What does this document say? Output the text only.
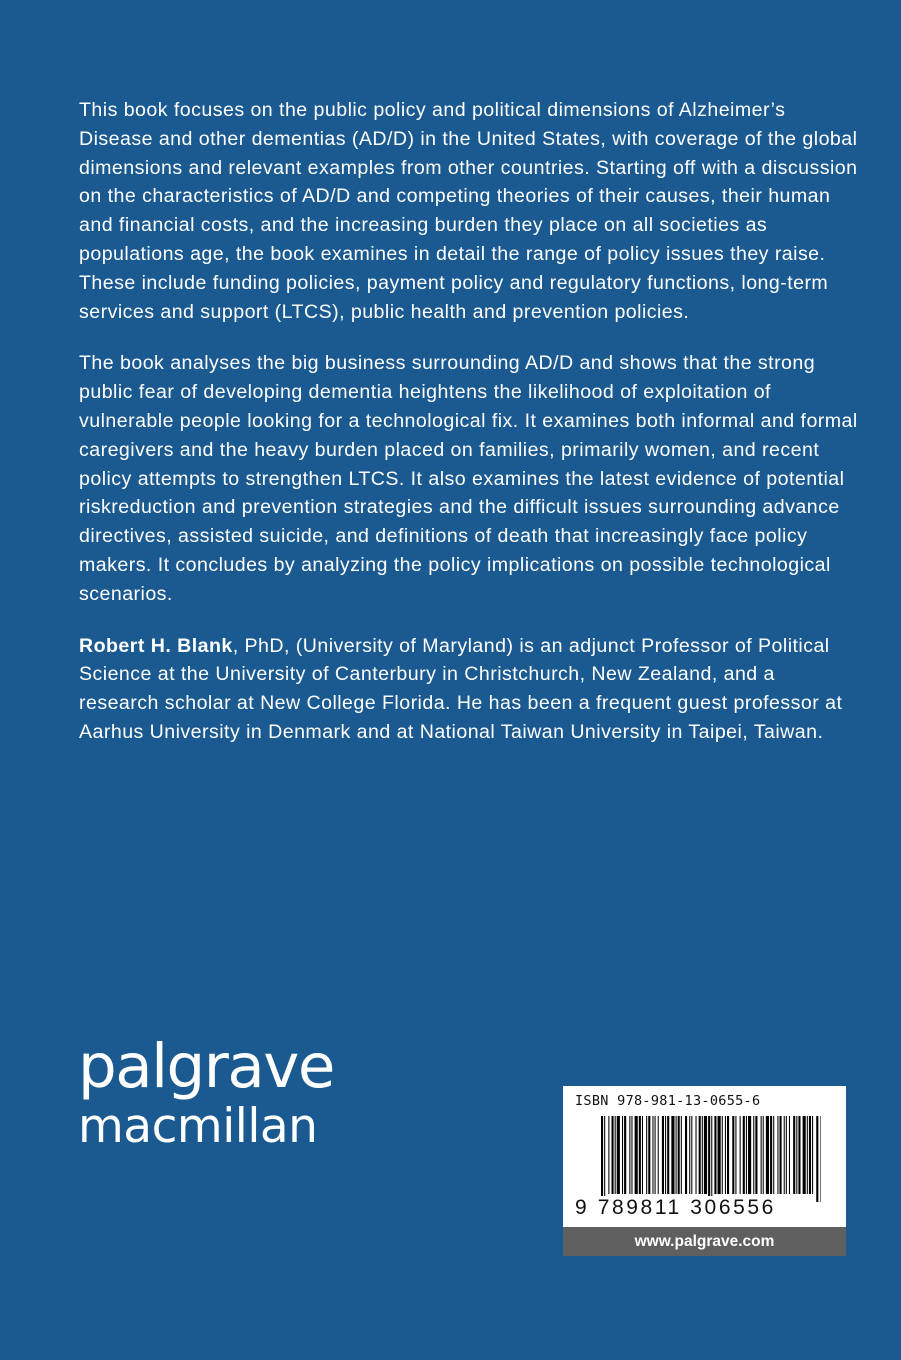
This book focuses on the public policy and political dimensions of Alzheimer’s Disease and other dementias (AD/D) in the United States, with coverage of the global dimensions and relevant examples from other countries. Starting off with a discussion on the characteristics of AD/D and competing theories of their causes, their human and financial costs, and the increasing burden they place on all societies as populations age, the book examines in detail the range of policy issues they raise. These include funding policies, payment policy and regulatory functions, long-term services and support (LTCS), public health and prevention policies.

The book analyses the big business surrounding AD/D and shows that the strong public fear of developing dementia heightens the likelihood of exploitation of vulnerable people looking for a technological fix. It examines both informal and formal caregivers and the heavy burden placed on families, primarily women, and recent policy attempts to strengthen LTCS. It also examines the latest evidence of potential riskreduction and prevention strategies and the difficult issues surrounding advance directives, assisted suicide, and definitions of death that increasingly face policy makers. It concludes by analyzing the policy implications on possible technological scenarios.

Robert H. Blank, PhD, (University of Maryland) is an adjunct Professor of Political Science at the University of Canterbury in Christchurch, New Zealand, and a research scholar at New College Florida. He has been a frequent guest professor at Aarhus University in Denmark and at National Taiwan University in Taipei, Taiwan.

palgrave
macmillan	ISBN 978-981-13-0655-6
9 789811 306556
www.palgrave.com
